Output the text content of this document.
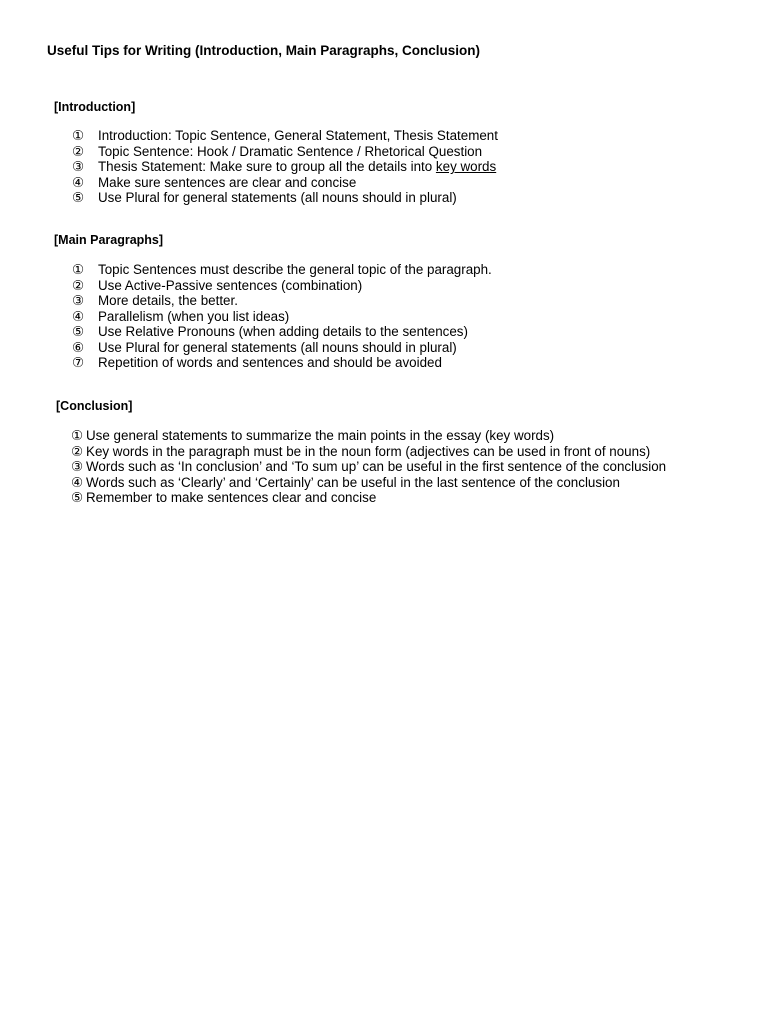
Useful Tips for Writing (Introduction, Main Paragraphs, Conclusion)
[Introduction]
①	Introduction: Topic Sentence, General Statement, Thesis Statement
②	Topic Sentence: Hook / Dramatic Sentence / Rhetorical Question
③	Thesis Statement: Make sure to group all the details into key words
④	Make sure sentences are clear and concise
⑤	Use Plural for general statements (all nouns should in plural)
[Main Paragraphs]
①	Topic Sentences must describe the general topic of the paragraph.
②	Use Active-Passive sentences (combination)
③	More details, the better.
④	Parallelism (when you list ideas)
⑤	Use Relative Pronouns (when adding details to the sentences)
⑥	Use Plural for general statements (all nouns should in plural)
⑦	Repetition of words and sentences and should be avoided
[Conclusion]
① Use general statements to summarize the main points in the essay (key words)
② Key words in the paragraph must be in the noun form (adjectives can be used in front of nouns)
③ Words such as ‘In conclusion’ and ‘To sum up’ can be useful in the first sentence of the conclusion
④ Words such as ‘Clearly’ and ‘Certainly’ can be useful in the last sentence of the conclusion
⑤ Remember to make sentences clear and concise
